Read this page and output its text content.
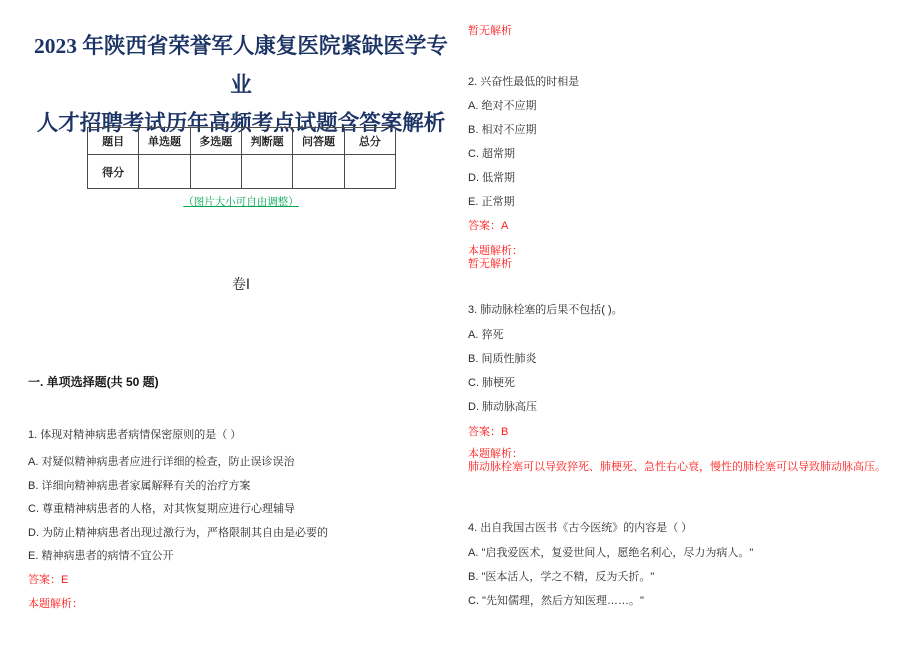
2023 年陕西省荣誉军人康复医院紧缺医学专业
人才招聘考试历年高频考点试题含答案解析
题目	单选题	多选题	判断题	问答题	总分
得分					
（图片大小可自由调整）
卷Ⅰ
一. 单项选择题(共 50 题)
1. 体现对精神病患者病情保密原则的是（ ）
A. 对疑似精神病患者应进行详细的检查，防止误诊误治
B. 详细向精神病患者家属解释有关的治疗方案
C. 尊重精神病患者的人格，对其恢复期应进行心理辅导
D. 为防止精神病患者出现过激行为，严格限制其自由是必要的
E. 精神病患者的病情不宜公开
答案：E
本题解析：
暂无解析
2. 兴奋性最低的时相是
A. 绝对不应期
B. 相对不应期
C. 超常期
D. 低常期
E. 正常期
答案：A
本题解析：
暂无解析
3. 肺动脉栓塞的后果不包括( )。
A. 猝死
B. 间质性肺炎
C. 肺梗死
D. 肺动脉高压
答案：B
本题解析：
肺动脉栓塞可以导致猝死、肺梗死、急性右心衰，慢性的肺栓塞可以导致肺动脉高压。
4. 出自我国古医书《古今医统》的内容是（ ）
A. "启我爱医术，复爱世间人，愿绝名利心，尽力为病人。"
B. "医本活人，学之不精，反为夭折。"
C. "先知儒理，然后方知医理……。"
